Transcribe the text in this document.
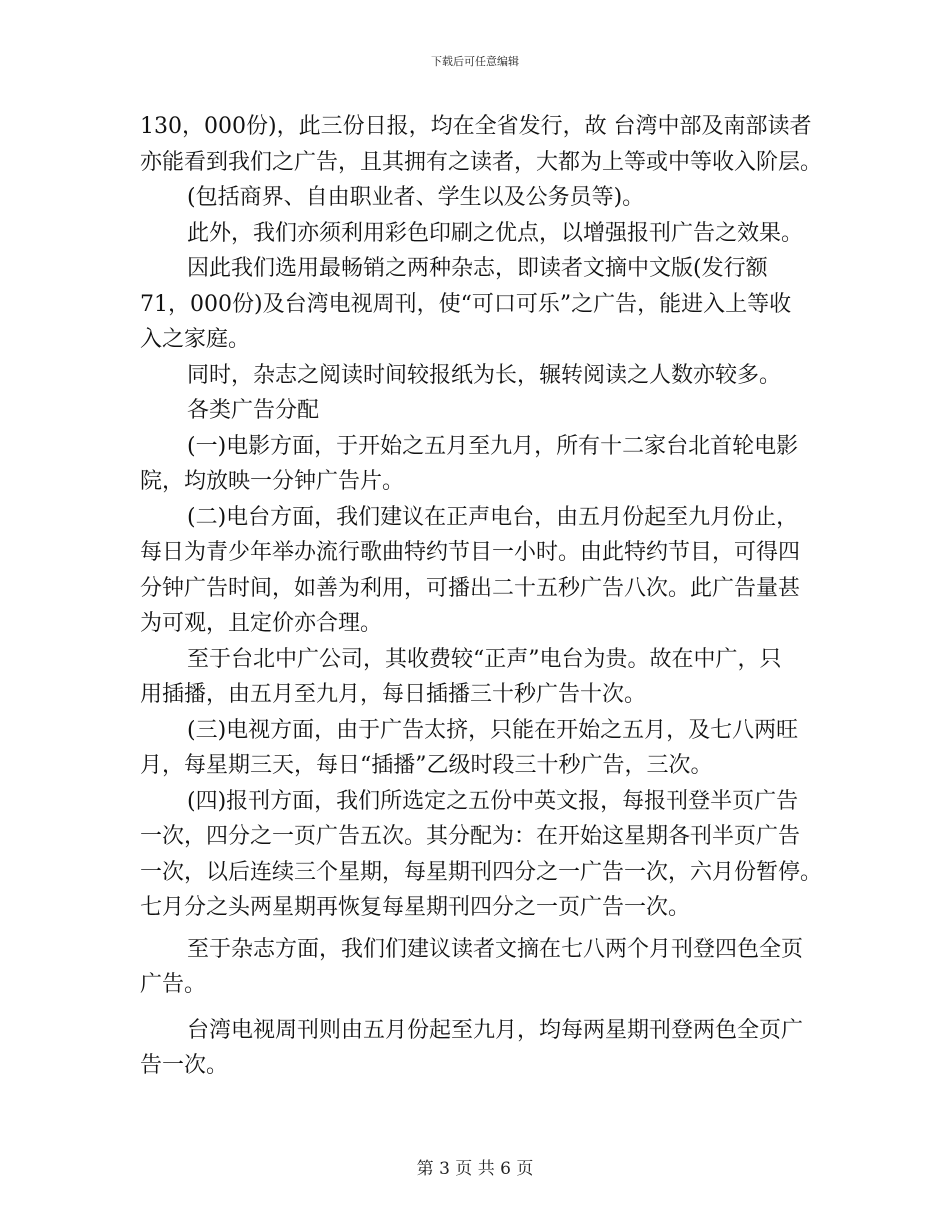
下载后可任意编辑
130，000份)，此三份日报，均在全省发行，故 台湾中部及南部读者
亦能看到我们之广告，且其拥有之读者，大都为上等或中等收入阶层。
(包括商界、自由职业者、学生以及公务员等)。
此外，我们亦须利用彩色印刷之优点，以增强报刊广告之效果。
因此我们选用最畅销之两种杂志，即读者文摘中文版(发行额
71，000份)及台湾电视周刊，使“可口可乐”之广告，能进入上等收
入之家庭。
同时，杂志之阅读时间较报纸为长，辗转阅读之人数亦较多。
各类广告分配
(一)电影方面，于开始之五月至九月，所有十二家台北首轮电影
院，均放映一分钟广告片。
(二)电台方面，我们建议在正声电台，由五月份起至九月份止，
每日为青少年举办流行歌曲特约节目一小时。由此特约节目，可得四
分钟广告时间，如善为利用，可播出二十五秒广告八次。此广告量甚
为可观，且定价亦合理。
至于台北中广公司，其收费较“正声”电台为贵。故在中广，只
用插播，由五月至九月，每日插播三十秒广告十次。
(三)电视方面，由于广告太挤，只能在开始之五月，及七八两旺
月，每星期三天，每日“插播”乙级时段三十秒广告，三次。
(四)报刊方面，我们所选定之五份中英文报，每报刊登半页广告
一次，四分之一页广告五次。其分配为：在开始这星期各刊半页广告
一次，以后连续三个星期，每星期刊四分之一广告一次，六月份暂停。
七月分之头两星期再恢复每星期刊四分之一页广告一次。
至于杂志方面，我们们建议读者文摘在七八两个月刊登四色全页
广告。
台湾电视周刊则由五月份起至九月，均每两星期刊登两色全页广
告一次。
第 3 页 共 6 页
